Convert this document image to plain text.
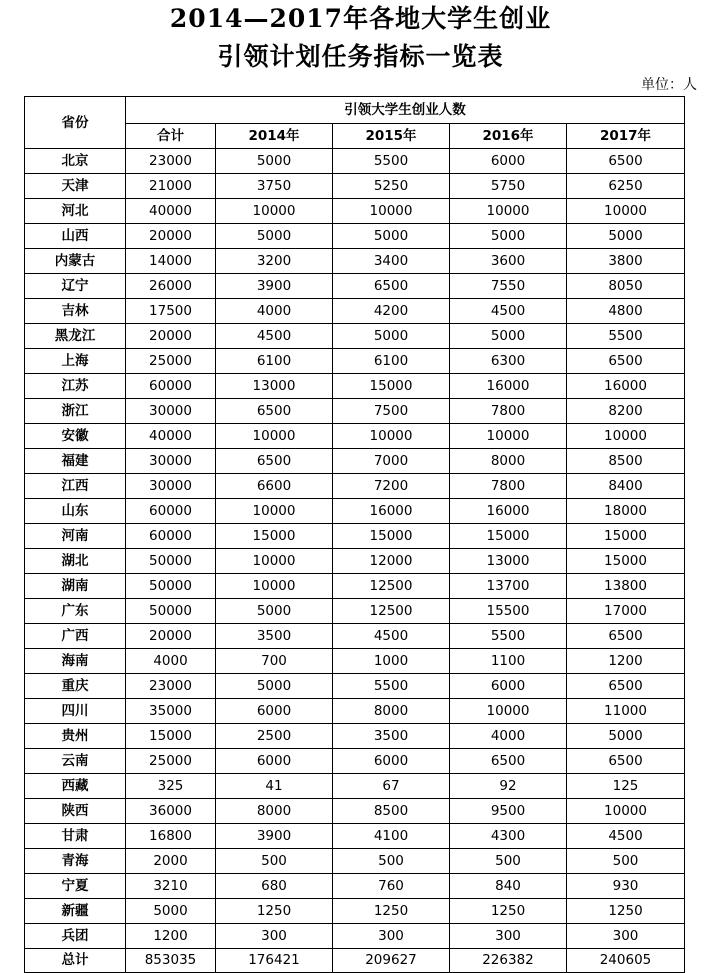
2014—2017年各地大学生创业
引领计划任务指标一览表
单位：人
省份	引领大学生创业人数				
	合计	2014年	2015年	2016年	2017年
北京	23000	5000	5500	6000	6500
天津	21000	3750	5250	5750	6250
河北	40000	10000	10000	10000	10000
山西	20000	5000	5000	5000	5000
内蒙古	14000	3200	3400	3600	3800
辽宁	26000	3900	6500	7550	8050
吉林	17500	4000	4200	4500	4800
黑龙江	20000	4500	5000	5000	5500
上海	25000	6100	6100	6300	6500
江苏	60000	13000	15000	16000	16000
浙江	30000	6500	7500	7800	8200
安徽	40000	10000	10000	10000	10000
福建	30000	6500	7000	8000	8500
江西	30000	6600	7200	7800	8400
山东	60000	10000	16000	16000	18000
河南	60000	15000	15000	15000	15000
湖北	50000	10000	12000	13000	15000
湖南	50000	10000	12500	13700	13800
广东	50000	5000	12500	15500	17000
广西	20000	3500	4500	5500	6500
海南	4000	700	1000	1100	1200
重庆	23000	5000	5500	6000	6500
四川	35000	6000	8000	10000	11000
贵州	15000	2500	3500	4000	5000
云南	25000	6000	6000	6500	6500
西藏	325	41	67	92	125
陕西	36000	8000	8500	9500	10000
甘肃	16800	3900	4100	4300	4500
青海	2000	500	500	500	500
宁夏	3210	680	760	840	930
新疆	5000	1250	1250	1250	1250
兵团	1200	300	300	300	300
总计	853035	176421	209627	226382	240605
